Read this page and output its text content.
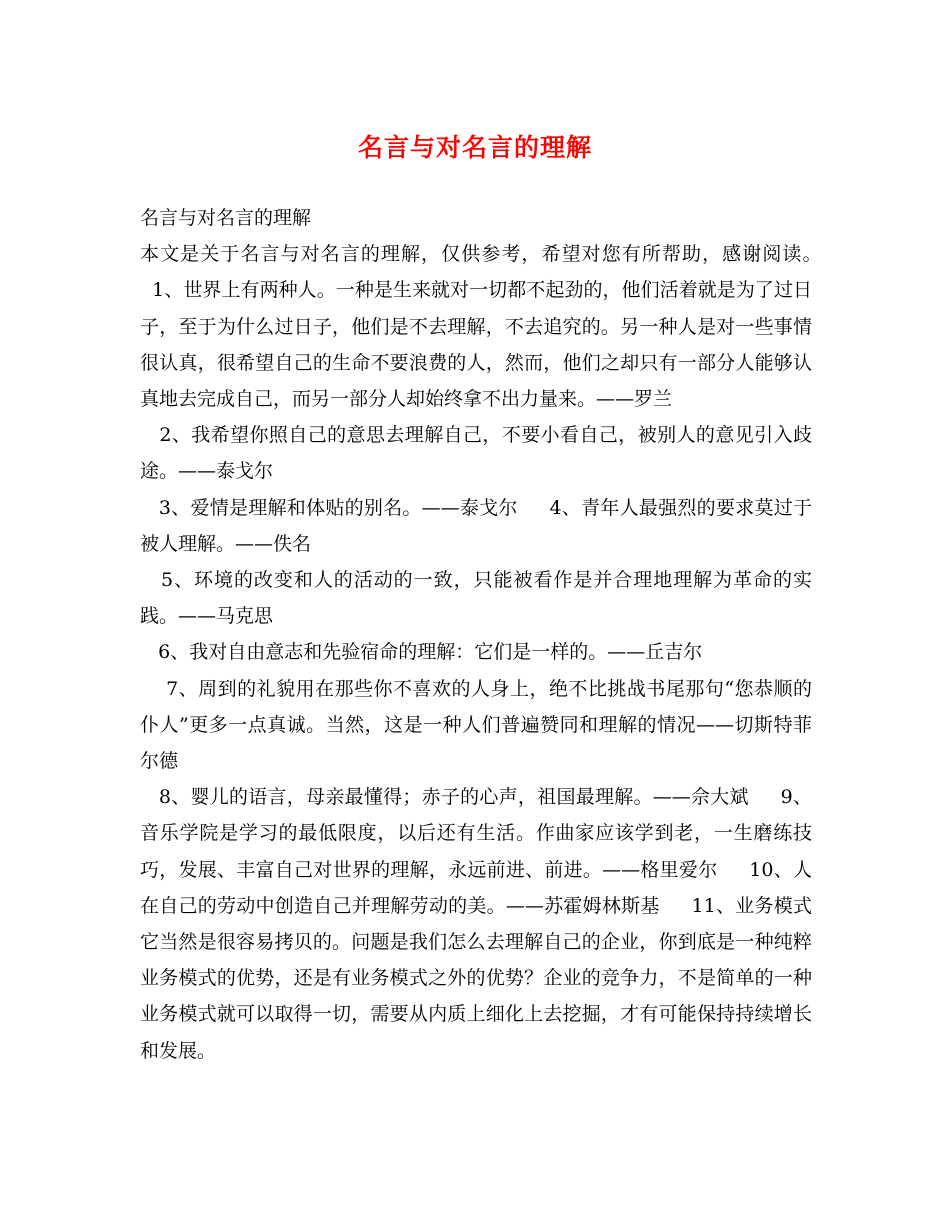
名言与对名言的理解

名言与对名言的理解

本文是关于名言与对名言的理解，仅供参考，希望对您有所帮助，感谢阅读。　  1、世界上有两种人。一种是生来就对一切都不起劲的，他们活着就是为了过日子，至于为什么过日子，他们是不去理解，不去追究的。另一种人是对一些事情很认真，很希望自己的生命不要浪费的人，然而，他们之却只有一部分人能够认真地去完成自己，而另一部分人却始终拿不出力量来。——罗兰

2、我希望你照自己的意思去理解自己，不要小看自己，被别人的意见引入歧途。——泰戈尔

3、爱情是理解和体贴的别名。——泰戈尔　  4、青年人最强烈的要求莫过于被人理解。——佚名

5、环境的改变和人的活动的一致，只能被看作是并合理地理解为革命的实践。——马克思

6、我对自由意志和先验宿命的理解：它们是一样的。——丘吉尔

7、周到的礼貌用在那些你不喜欢的人身上，绝不比挑战书尾那句“您恭顺的仆人”更多一点真诚。当然，这是一种人们普遍赞同和理解的情况——切斯特菲尔德

8、婴儿的语言，母亲最懂得；赤子的心声，祖国最理解。——佘大斌　  9、音乐学院是学习的最低限度，以后还有生活。作曲家应该学到老，一生磨练技巧，发展、丰富自己对世界的理解，永远前进、前进。——格里爱尔　  10、人在自己的劳动中创造自己并理解劳动的美。——苏霍姆林斯基　  11、业务模式它当然是很容易拷贝的。问题是我们怎么去理解自己的企业，你到底是一种纯粹业务模式的优势，还是有业务模式之外的优势？企业的竞争力，不是简单的一种业务模式就可以取得一切，需要从内质上细化上去挖掘，才有可能保持持续增长和发展。
